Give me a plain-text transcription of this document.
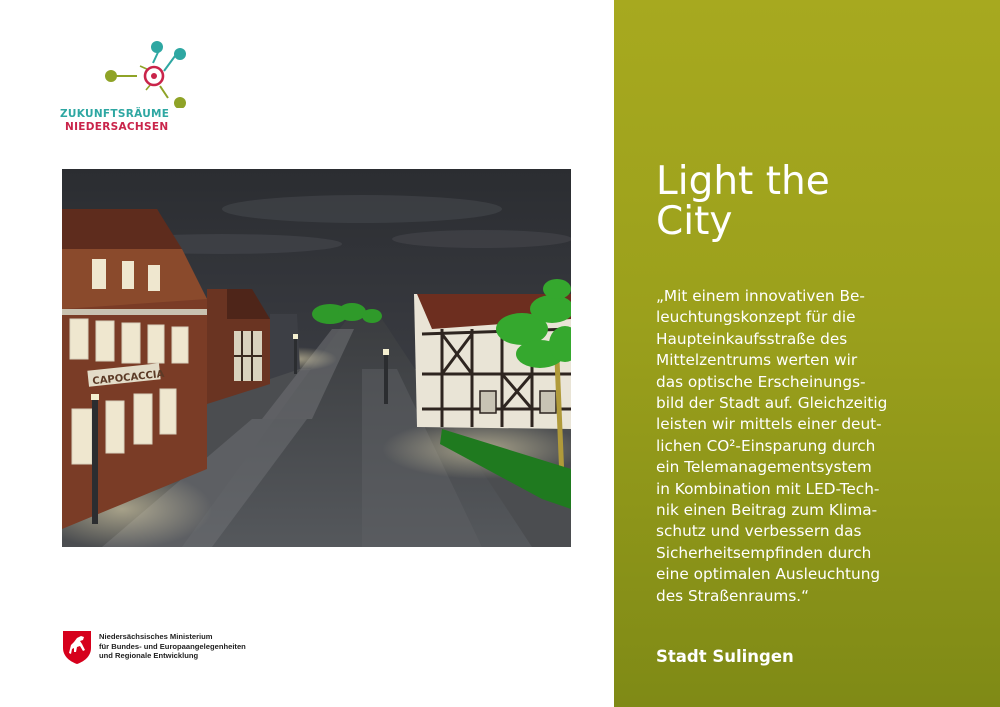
ZUKUNFTSRÄUME
NIEDERSACHSEN
CAPOCACCIA
Niedersächsisches Ministerium
für Bundes- und Europaangelegenheiten
und Regionale Entwicklung
Light the
City
„Mit einem innovativen Be-
leuchtungskonzept für die
Haupteinkaufsstraße des
Mittelzentrums werten wir
das optische Erscheinungs-
bild der Stadt auf. Gleichzeitig
leisten wir mittels einer deut-
lichen CO²-Einsparung durch
ein Telemanagementsystem
in Kombination mit LED-Tech-
nik einen Beitrag zum Klima-
schutz und verbessern das
Sicherheitsempfinden durch
eine optimalen Ausleuchtung
des Straßenraums.“
Stadt Sulingen
